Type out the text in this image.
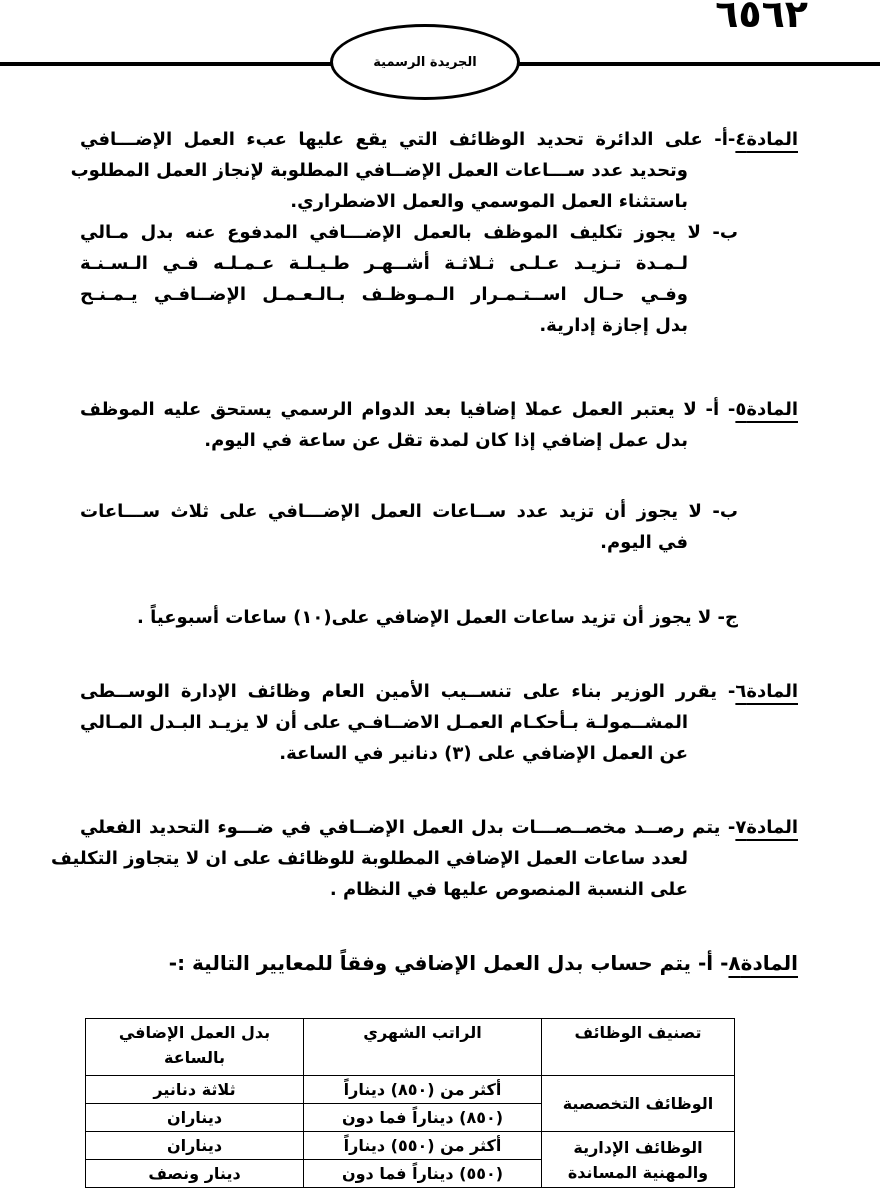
٦٥٦٢
الجريدة الرسمية
المادة٤-أ- على الدائرة تحديد الوظائف التي يقع عليها عبء العمل الإضـــافي
وتحديد عدد ســـاعات العمل الإضــافي المطلوبة لإنجاز العمل المطلوب
باستثناء العمل الموسمي والعمل الاضطراري.
ب- لا يجوز تكليف الموظف بالعمل الإضـــافي المدفوع عنه بدل مـالي
لـمـدة تـزيـد عـلـى ثـلاثـة أشــهـر طـيـلـة عـمـلـه فـي الـسـنـة
وفـي حـال اســتـمـرار الـمـوظـف بـالـعـمـل الإضــافـي يـمـنـح
بدل إجازة إدارية.
المادة٥- أ- لا يعتبر العمل عملا إضافيا بعد الدوام الرسمي يستحق عليه الموظف
بدل عمل إضافي إذا كان لمدة تقل عن ساعة في اليوم.
ب- لا يجوز أن تزيد عدد ســاعات العمل الإضـــافي على ثلاث ســـاعات
في اليوم.
ج- لا يجوز أن تزيد ساعات العمل الإضافي على(١٠) ساعات أسبوعياً .
المادة٦- يقرر الوزير بناء على تنســيب الأمين العام وظائف الإدارة الوســطى
المشــمولـة بـأحكـام العمـل الاضــافـي على أن لا يزيـد البـدل المـالي
عن العمل الإضافي على (٣) دنانير في الساعة.
المادة٧- يتم رصــد مخصــصـــات بدل العمل الإضــافي في ضـــوء التحديد الفعلي
لعدد ساعات العمل الإضافي المطلوبة للوظائف على ان لا يتجاوز التكليف
على النسبة المنصوص عليها في النظام .
المادة٨- أ- يتم حساب بدل العمل الإضافي وفقاً للمعايير التالية :-
تصنيف الوظائف	الراتب الشهري	بدل العمل الإضافي بالساعة
الوظائف التخصصية	أكثر من (٨٥٠) ديناراً	ثلاثة دنانير
	(٨٥٠) ديناراً فما دون	ديناران
الوظائف الإدارية والمهنية المساندة	أكثر من (٥٥٠) ديناراً	ديناران
	(٥٥٠) ديناراً فما دون	دينار ونصف
